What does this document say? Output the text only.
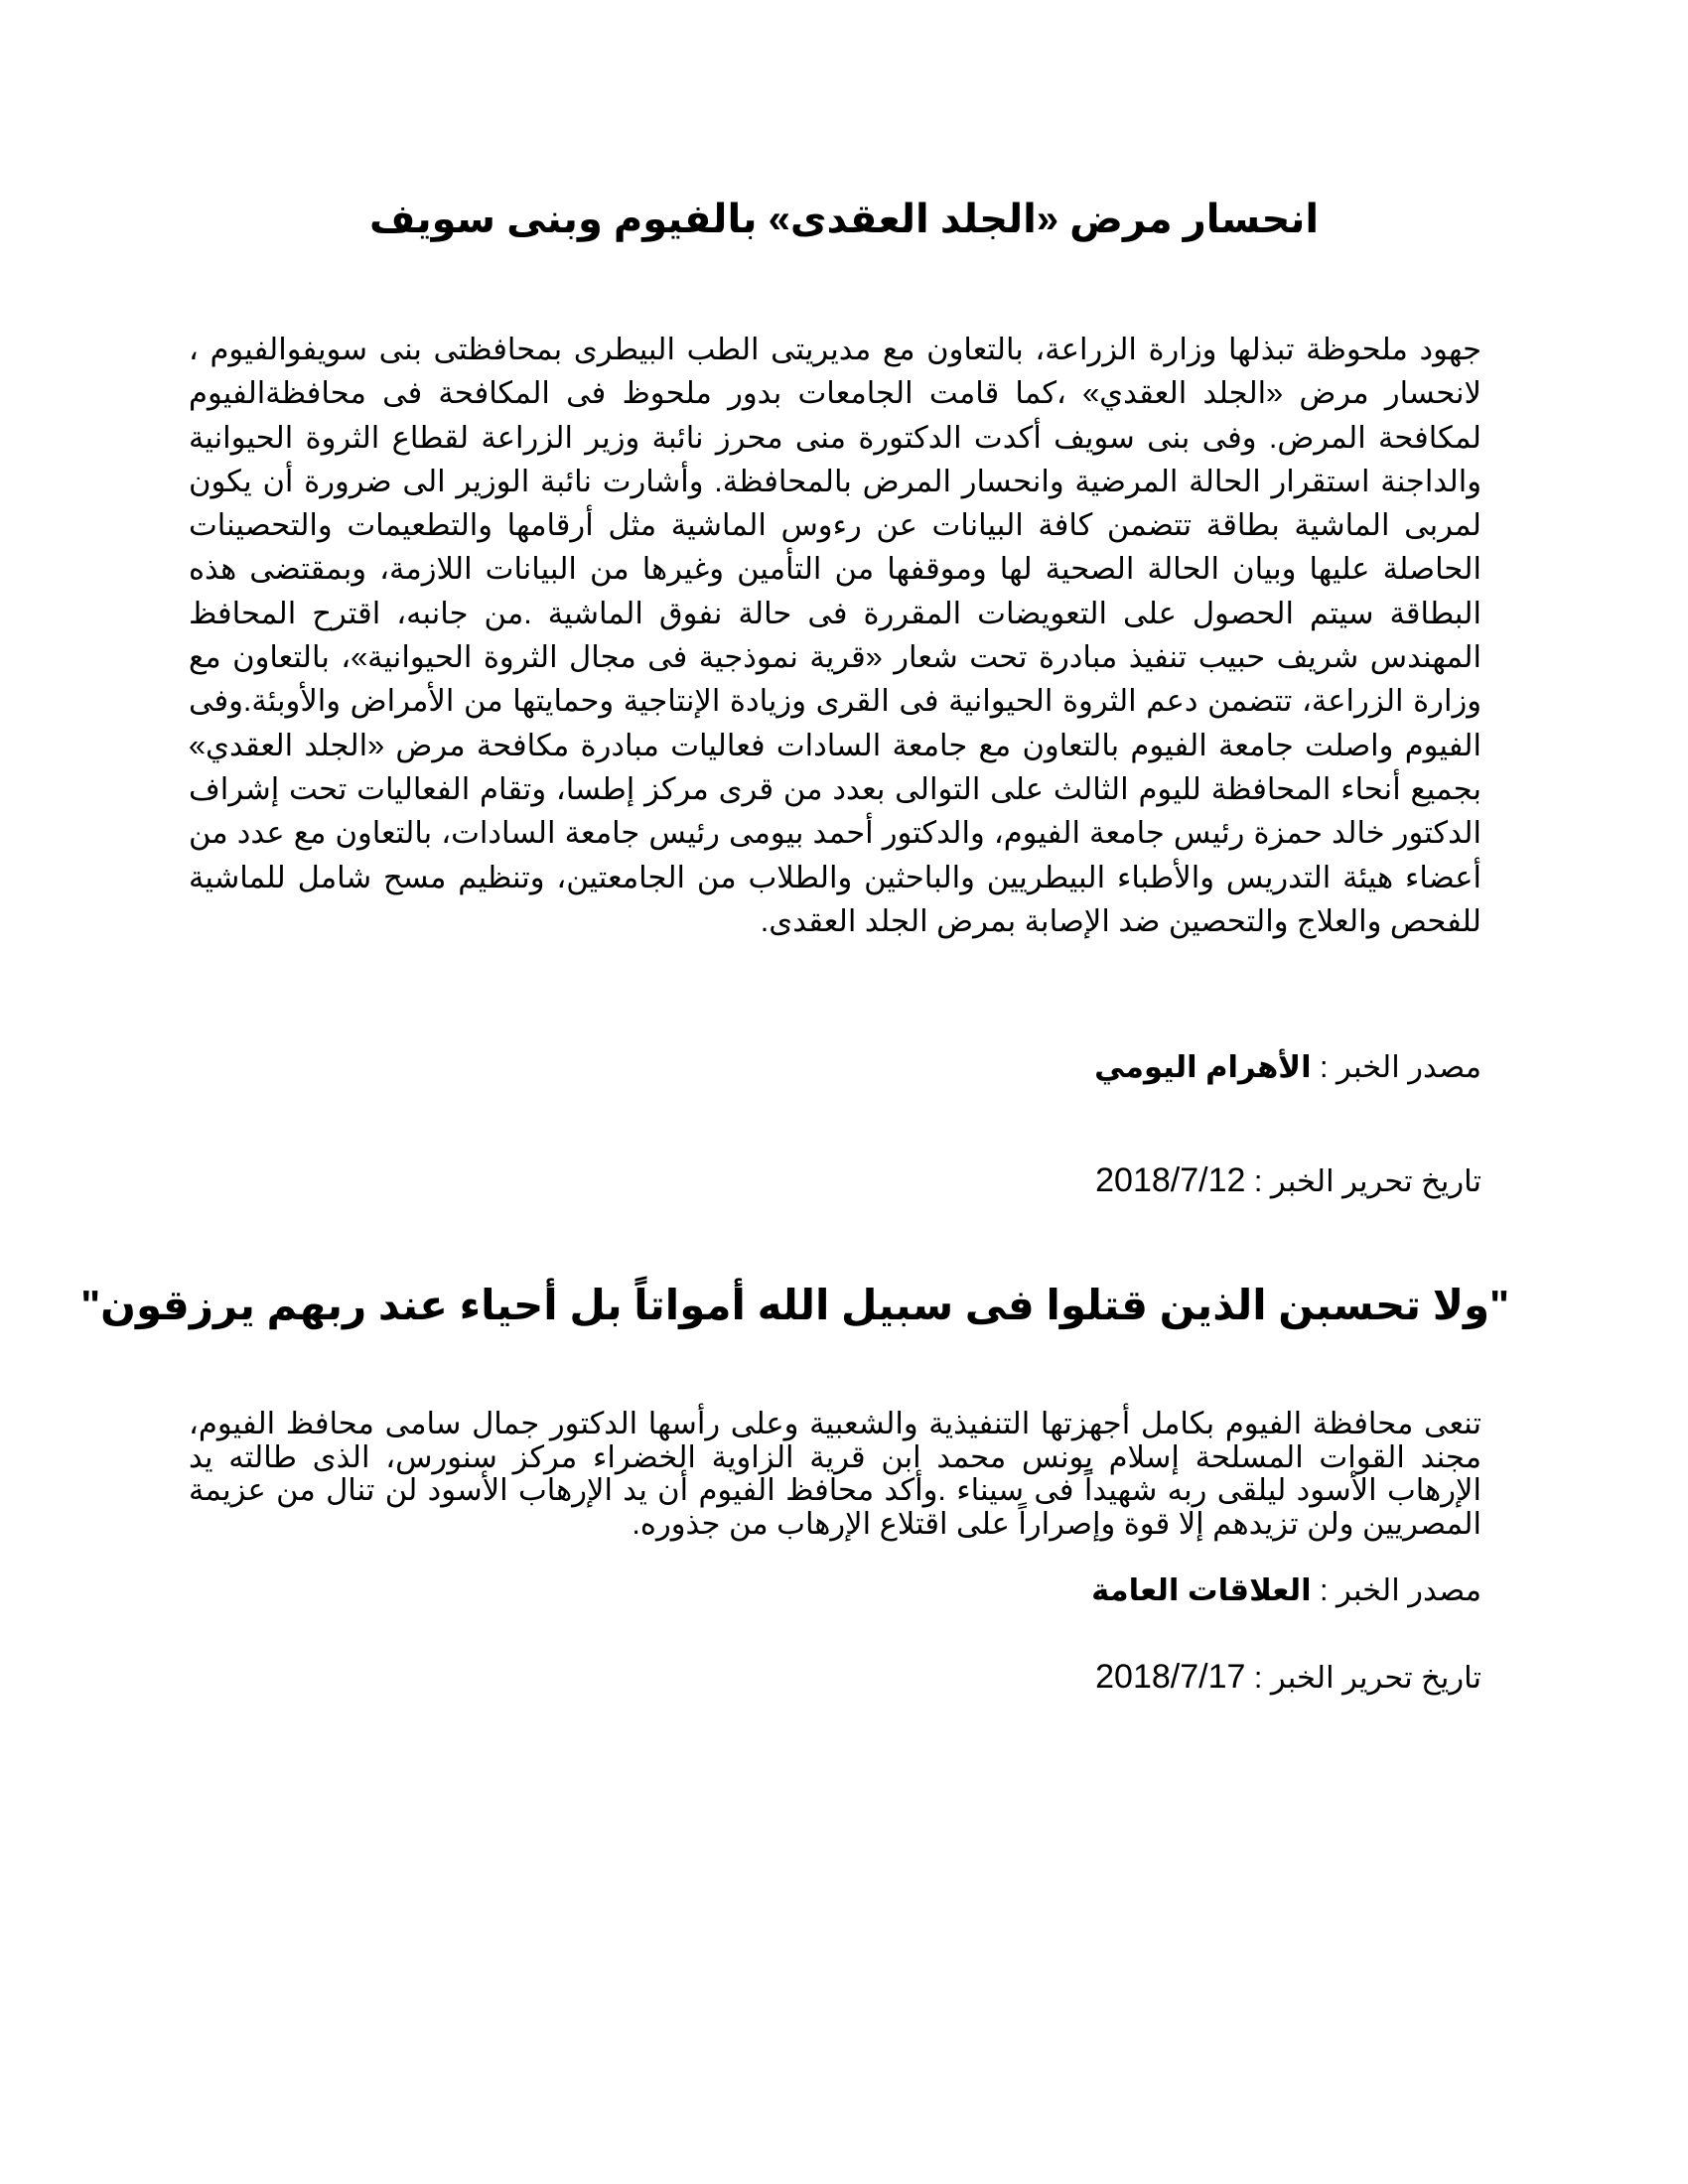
انحسار مرض «الجلد العقدى» بالفيوم وبنى سويف

جهود ملحوظة تبذلها وزارة الزراعة، بالتعاون مع مديريتى الطب البيطرى بمحافظتى بنى سويفوالفيوم ، لانحسار مرض «الجلد العقدي» ،كما قامت الجامعات بدور ملحوظ فى المكافحة فى محافظةالفيوم لمكافحة المرض. وفى بنى سويف أكدت الدكتورة منى محرز نائبة وزير الزراعة لقطاع الثروة الحيوانية والداجنة استقرار الحالة المرضية وانحسار المرض بالمحافظة. وأشارت نائبة الوزير الى ضرورة أن يكون لمربى الماشية بطاقة تتضمن كافة البيانات عن رءوس الماشية مثل أرقامها والتطعيمات والتحصينات الحاصلة عليها وبيان الحالة الصحية لها وموقفها من التأمين وغيرها من البيانات اللازمة، وبمقتضى هذه البطاقة سيتم الحصول على التعويضات المقررة فى حالة نفوق الماشية .من جانبه، اقترح المحافظ المهندس شريف حبيب تنفيذ مبادرة تحت شعار «قرية نموذجية فى مجال الثروة الحيوانية»، بالتعاون مع وزارة الزراعة، تتضمن دعم الثروة الحيوانية فى القرى وزيادة الإنتاجية وحمايتها من الأمراض والأوبئة.وفى الفيوم واصلت جامعة الفيوم بالتعاون مع جامعة السادات فعاليات مبادرة مكافحة مرض «الجلد العقدي» بجميع أنحاء المحافظة لليوم الثالث على التوالى بعدد من قرى مركز إطسا، وتقام الفعاليات تحت إشراف الدكتور خالد حمزة رئيس جامعة الفيوم، والدكتور أحمد بيومى رئيس جامعة السادات، بالتعاون مع عدد من أعضاء هيئة التدريس والأطباء البيطريين والباحثين والطلاب من الجامعتين، وتنظيم مسح شامل للماشية للفحص والعلاج والتحصين ضد الإصابة بمرض الجلد العقدى.

مصدر الخبر : الأهرام اليومي

تاريخ تحرير الخبر : 2018/7/12

"ولا تحسبن الذين قتلوا فى سبيل الله أمواتاً بل أحياء عند ربهم يرزقون"

تنعى محافظة الفيوم بكامل أجهزتها التنفيذية والشعبية وعلى رأسها الدكتور جمال سامى محافظ الفيوم، مجند القوات المسلحة إسلام يونس محمد ابن قرية الزاوية الخضراء مركز سنورس، الذى طالته يد الإرهاب الأسود ليلقى ربه شهيداً فى سيناء .وأكد محافظ الفيوم أن يد الإرهاب الأسود لن تنال من عزيمة المصريين ولن تزيدهم إلا قوة وإصراراً على اقتلاع الإرهاب من جذوره.

مصدر الخبر : العلاقات العامة

تاريخ تحرير الخبر : 2018/7/17
